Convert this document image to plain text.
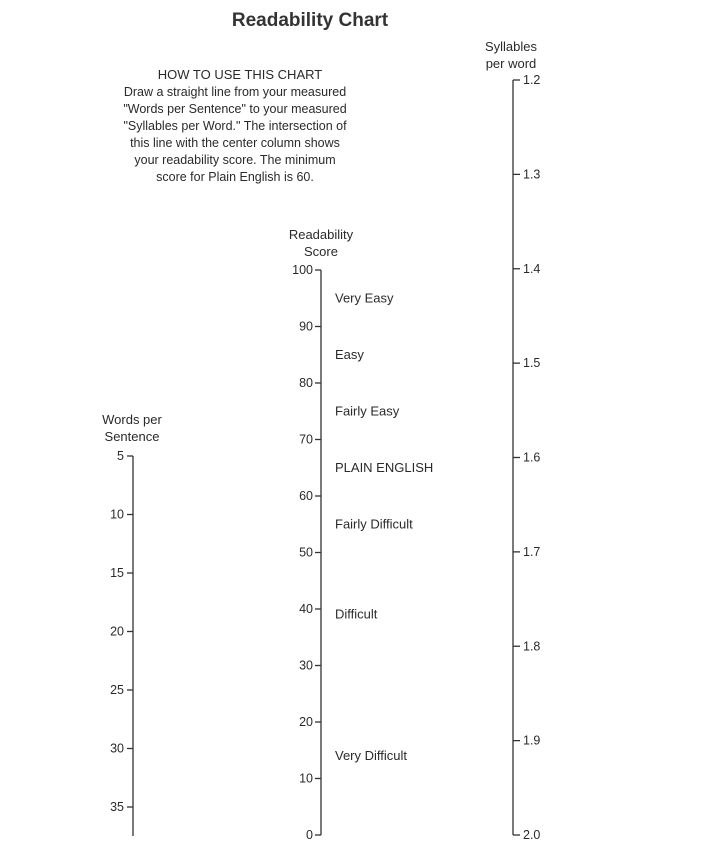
Readability Chart
HOW TO USE THIS CHART
Draw a straight line from your measured
"Words per Sentence" to your measured
"Syllables per Word." The intersection of
this line with the center column shows
your readability score. The minimum
score for Plain English is 60.
Words per
Sentence
Readability
Score
Syllables
per word
5
10
15
20
25
30
35
100
90
80
70
60
50
40
30
20
10
0
Very Easy
Easy
Fairly Easy
PLAIN ENGLISH
Fairly Difficult
Difficult
Very Difficult
1.2
1.3
1.4
1.5
1.6
1.7
1.8
1.9
2.0
